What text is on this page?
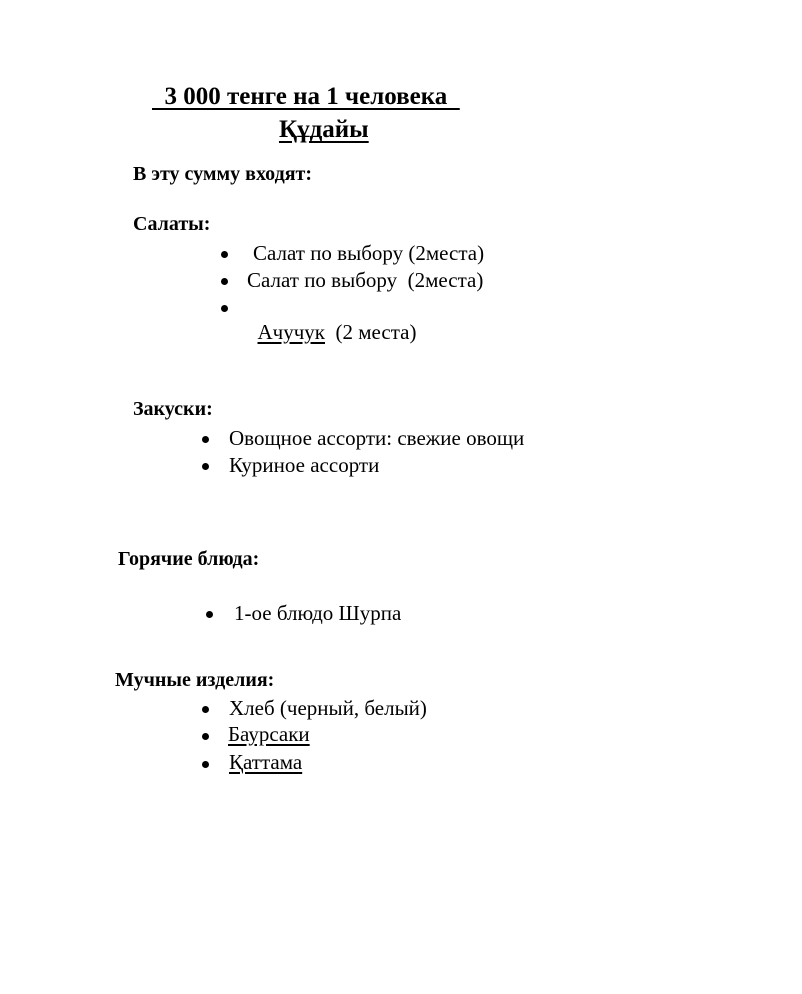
3 000 тенге на 1 человека
Құдайы
В эту сумму входят:
Салаты:
Салат по выбору (2места)
Салат по выбору  (2места)

Ачучук  (2 места)

Закуски:
Овощное ассорти: свежие овощи
Куриное ассорти
Горячие блюда:
1-ое блюдо Шурпа
Мучные изделия:
Хлеб (черный, белый)
Баурсаки
Қаттама
